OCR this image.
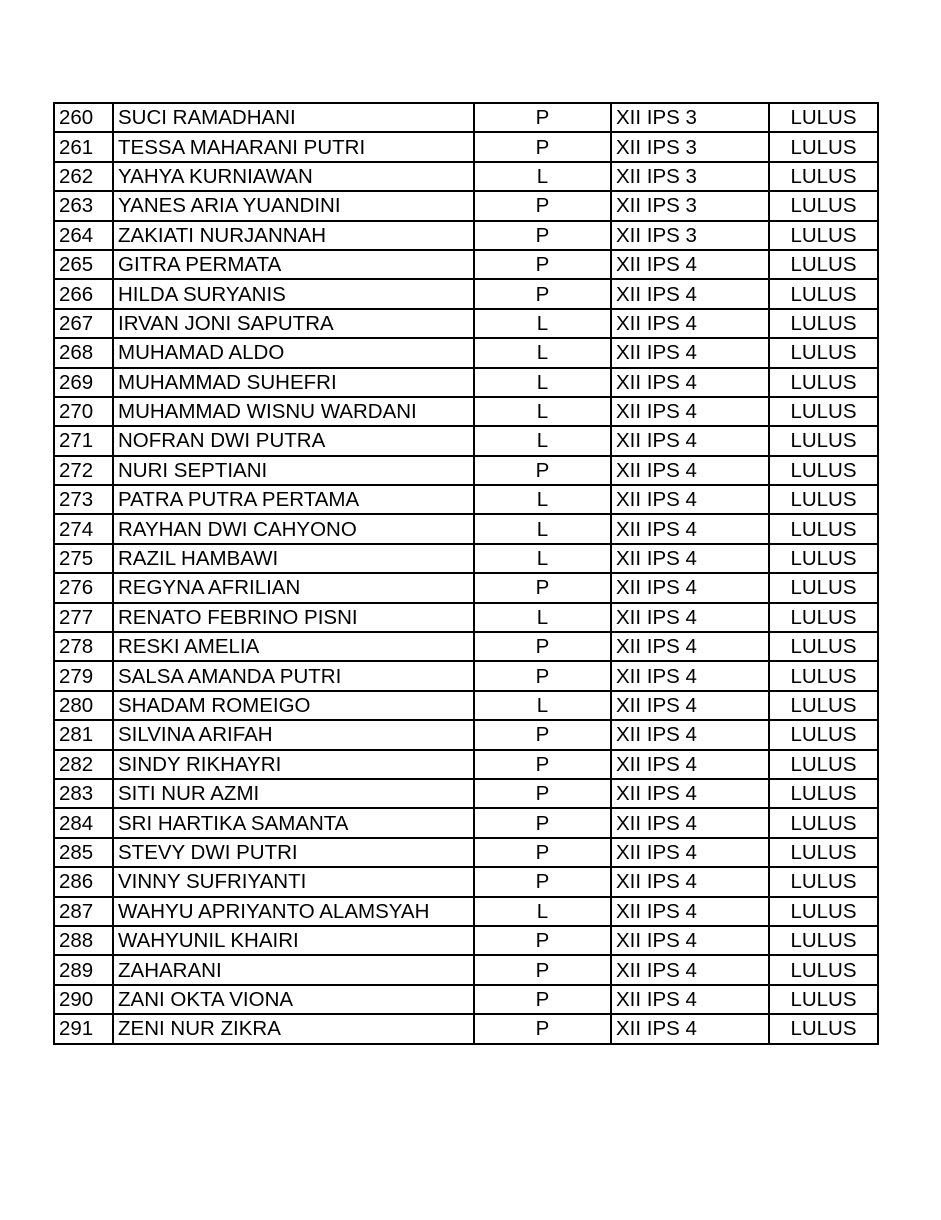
260	SUCI RAMADHANI	P	XII IPS 3	LULUS
261	TESSA MAHARANI PUTRI	P	XII IPS 3	LULUS
262	YAHYA KURNIAWAN	L	XII IPS 3	LULUS
263	YANES ARIA YUANDINI	P	XII IPS 3	LULUS
264	ZAKIATI NURJANNAH	P	XII IPS 3	LULUS
265	GITRA PERMATA	P	XII IPS 4	LULUS
266	HILDA SURYANIS	P	XII IPS 4	LULUS
267	IRVAN JONI SAPUTRA	L	XII IPS 4	LULUS
268	MUHAMAD ALDO	L	XII IPS 4	LULUS
269	MUHAMMAD SUHEFRI	L	XII IPS 4	LULUS
270	MUHAMMAD WISNU WARDANI	L	XII IPS 4	LULUS
271	NOFRAN DWI PUTRA	L	XII IPS 4	LULUS
272	NURI SEPTIANI	P	XII IPS 4	LULUS
273	PATRA PUTRA PERTAMA	L	XII IPS 4	LULUS
274	RAYHAN DWI CAHYONO	L	XII IPS 4	LULUS
275	RAZIL HAMBAWI	L	XII IPS 4	LULUS
276	REGYNA AFRILIAN	P	XII IPS 4	LULUS
277	RENATO FEBRINO PISNI	L	XII IPS 4	LULUS
278	RESKI AMELIA	P	XII IPS 4	LULUS
279	SALSA AMANDA PUTRI	P	XII IPS 4	LULUS
280	SHADAM ROMEIGO	L	XII IPS 4	LULUS
281	SILVINA ARIFAH	P	XII IPS 4	LULUS
282	SINDY RIKHAYRI	P	XII IPS 4	LULUS
283	SITI NUR AZMI	P	XII IPS 4	LULUS
284	SRI HARTIKA SAMANTA	P	XII IPS 4	LULUS
285	STEVY DWI PUTRI	P	XII IPS 4	LULUS
286	VINNY SUFRIYANTI	P	XII IPS 4	LULUS
287	WAHYU APRIYANTO ALAMSYAH	L	XII IPS 4	LULUS
288	WAHYUNIL KHAIRI	P	XII IPS 4	LULUS
289	ZAHARANI	P	XII IPS 4	LULUS
290	ZANI OKTA VIONA	P	XII IPS 4	LULUS
291	ZENI NUR ZIKRA	P	XII IPS 4	LULUS
